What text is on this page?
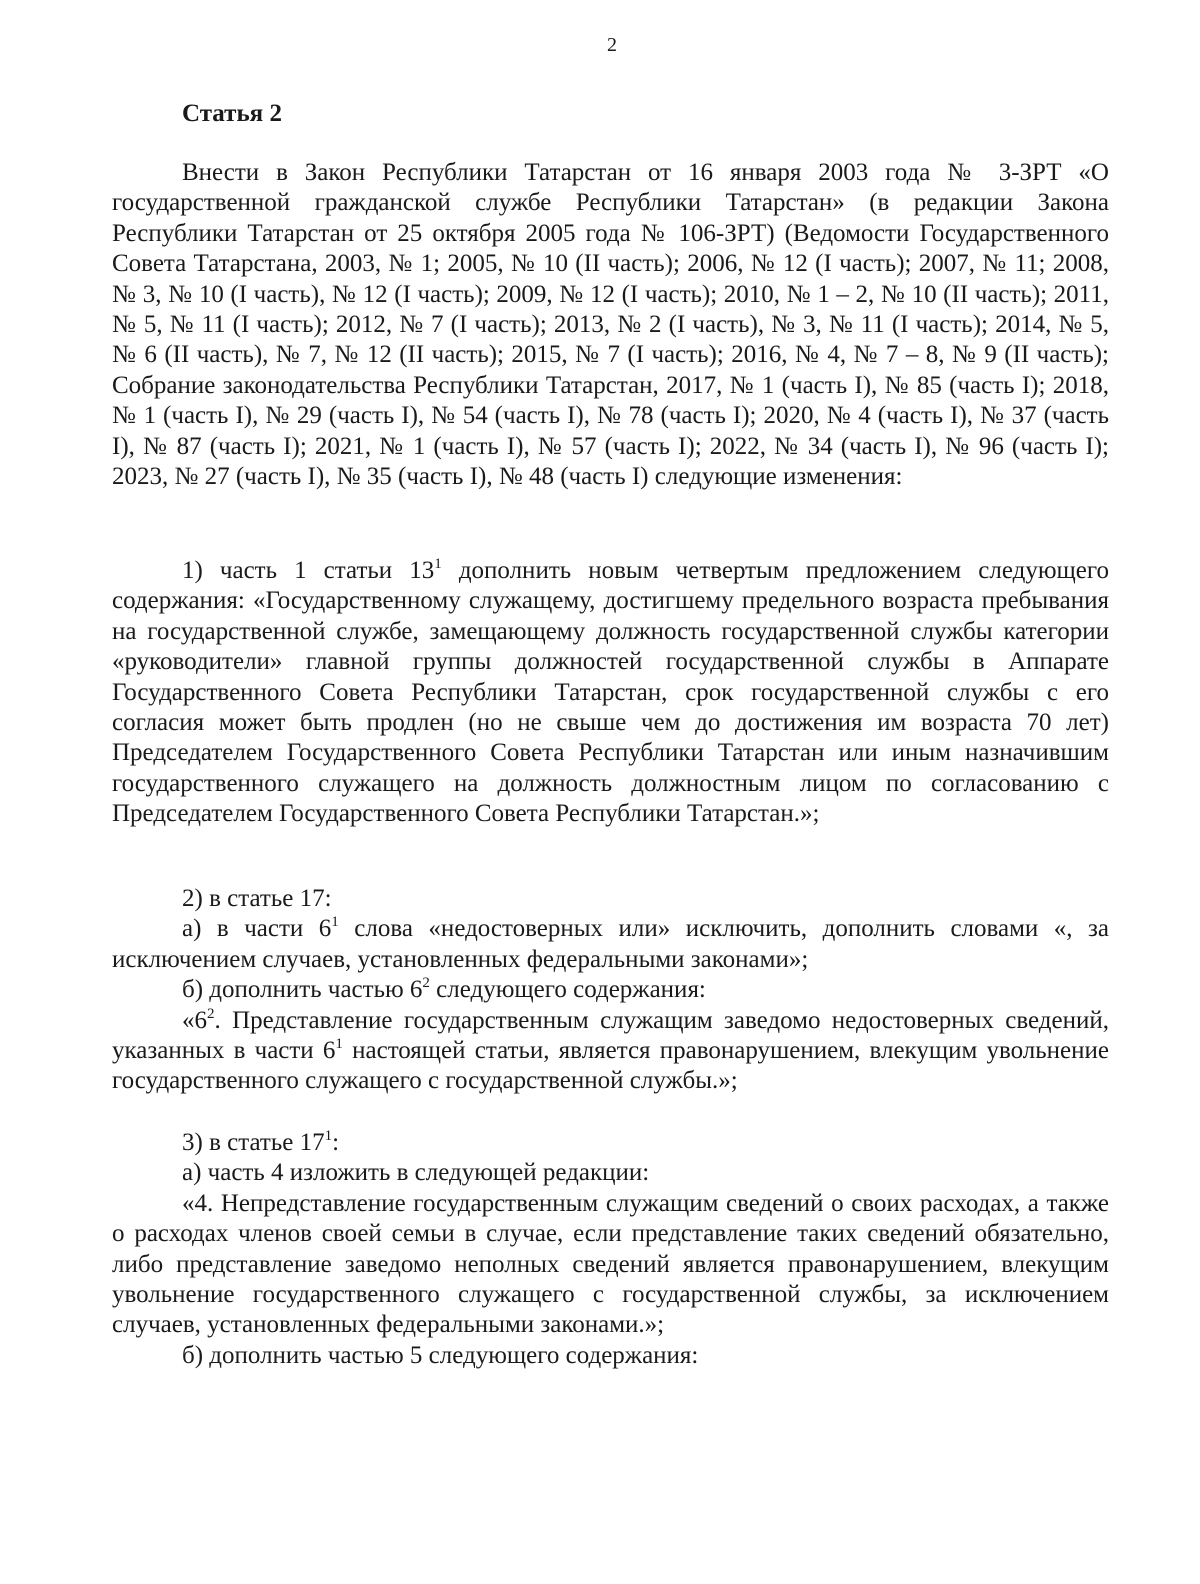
2
Статья 2

Внести в Закон Республики Татарстан от 16 января 2003 года № 3-ЗРТ «О государственной гражданской службе Республики Татарстан» (в редакции Закона Республики Татарстан от 25 октября 2005 года № 106-ЗРТ) (Ведомости Государственного Совета Татарстана, 2003, № 1; 2005, № 10 (II часть); 2006, № 12 (I часть); 2007, № 11; 2008, № 3, № 10 (I часть), № 12 (I часть); 2009, № 12 (I часть); 2010, № 1 – 2, № 10 (II часть); 2011, № 5, № 11 (I часть); 2012, № 7 (I часть); 2013, № 2 (I часть), № 3, № 11 (I часть); 2014, № 5, № 6 (II часть), № 7, № 12 (II часть); 2015, № 7 (I часть); 2016, № 4, № 7 – 8, № 9 (II часть); Собрание законодательства Республики Татарстан, 2017, № 1 (часть I), № 85 (часть I); 2018, № 1 (часть I), № 29 (часть I), № 54 (часть I), № 78 (часть I); 2020, № 4 (часть I), № 37 (часть I), № 87 (часть I); 2021, № 1 (часть I), № 57 (часть I); 2022, № 34 (часть I), № 96 (часть I); 2023, № 27 (часть I), № 35 (часть I), № 48 (часть I) следующие изменения:

1) часть 1 статьи $13^1$ дополнить новым четвертым предложением следующего содержания: «Государственному служащему, достигшему предельного возраста пребывания на государственной службе, замещающему должность государственной службы категории «руководители» главной группы должностей государственной службы в Аппарате Государственного Совета Республики Татарстан, срок государственной службы с его согласия может быть продлен (но не свыше чем до достижения им возраста 70 лет) Председателем Государственного Совета Республики Татарстан или иным назначившим государственного служащего на должность должностным лицом по согласованию с Председателем Государственного Совета Республики Татарстан.»;

2) в статье 17:
а) в части $6^1$ слова «недостоверных или» исключить, дополнить словами «, за исключением случаев, установленных федеральными законами»;
б) дополнить частью $6^2$ следующего содержания:
«$6^2$. Представление государственным служащим заведомо недостоверных сведений, указанных в части $6^1$ настоящей статьи, является правонарушением, влекущим увольнение государственного служащего с государственной службы.»;
3) в статье $17^1$:
а) часть 4 изложить в следующей редакции:
«4. Непредставление государственным служащим сведений о своих расходах, а также о расходах членов своей семьи в случае, если представление таких сведений обязательно, либо представление заведомо неполных сведений является правонарушением, влекущим увольнение государственного служащего с государственной службы, за исключением случаев, установленных федеральными законами.»;
б) дополнить частью 5 следующего содержания:
